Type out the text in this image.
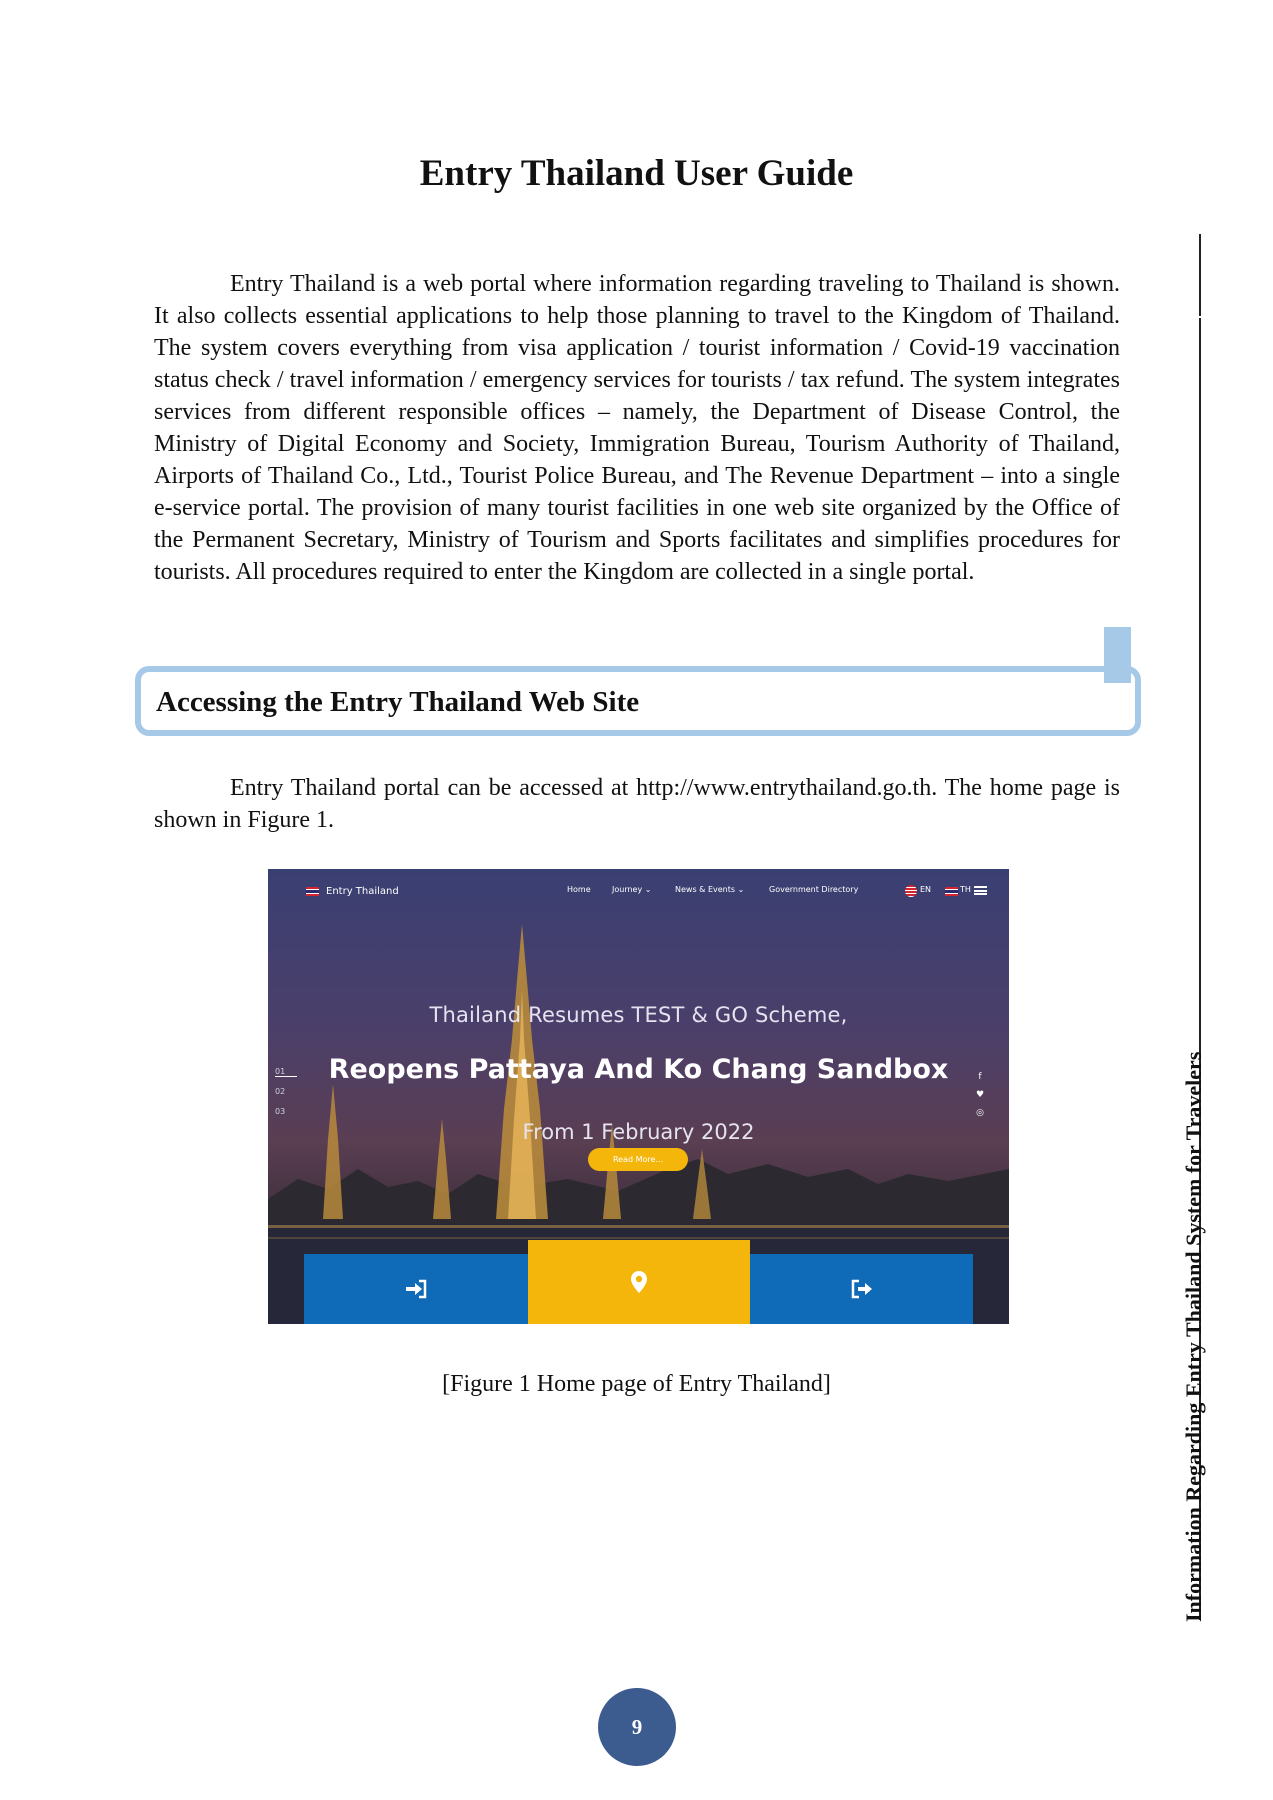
Entry Thailand User Guide

Entry Thailand is a web portal where information regarding traveling to Thailand is shown. It also collects essential applications to help those planning to travel to the Kingdom of Thailand. The system covers everything from visa application / tourist information / Covid-19 vaccination status check / travel information / emergency services for tourists / tax refund. The system integrates services from different responsible offices – namely, the Department of Disease Control, the Ministry of Digital Economy and Society, Immigration Bureau, Tourism Authority of Thailand, Airports of Thailand Co., Ltd., Tourist Police Bureau, and The Revenue Department – into a single e-service portal. The provision of many tourist facilities in one web site organized by the Office of the Permanent Secretary, Ministry of Tourism and Sports facilitates and simplifies procedures for tourists. All procedures required to enter the Kingdom are collected in a single portal.

Accessing the Entry Thailand Web Site

Entry Thailand portal can be accessed at http://www.entrythailand.go.th. The home page is shown in Figure 1.

Entry Thailand	Home	Journey ⌄	News & Events ⌄	Government Directory	EN	TH
Thailand Resumes TEST & GO Scheme,
Reopens Pattaya And Ko Chang Sandbox
From 1 February 2022
Read More...
01
02
03
f
♥
◎

[Figure 1 Home page of Entry Thailand]	Information Regarding Entry Thailand System for Travelers
9
